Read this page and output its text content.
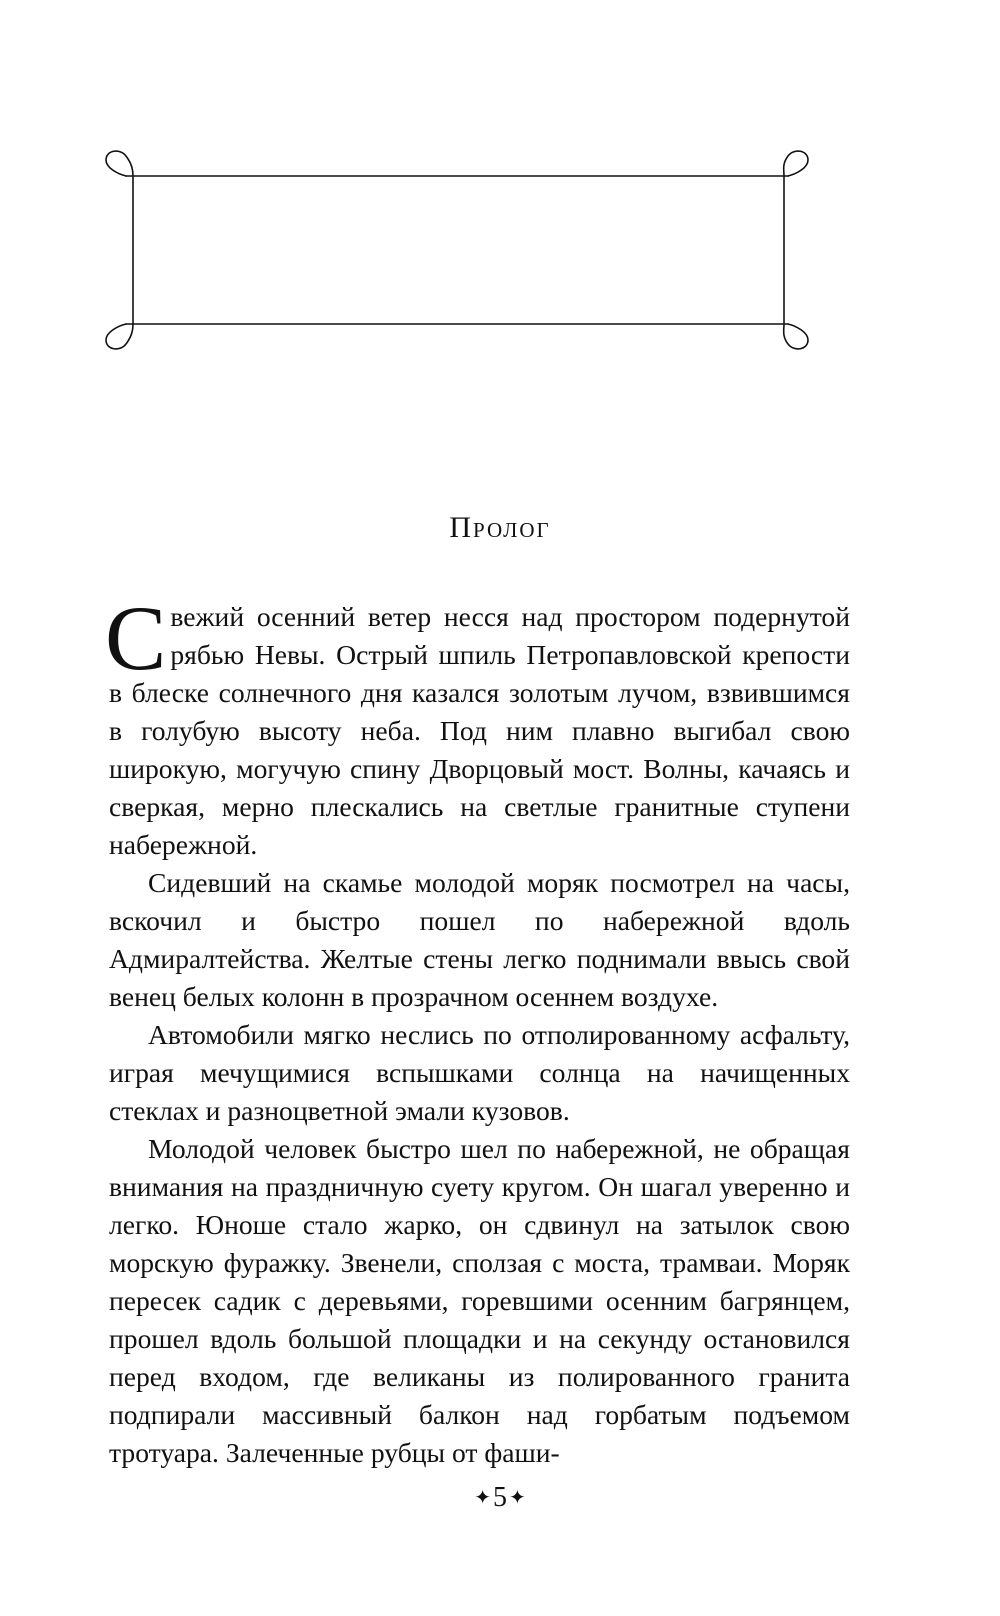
Пролог

Свежий осенний ветер несся над простором подернутой рябью Невы. Острый шпиль Петропавловской крепости в блеске солнечного дня казался золотым лучом, взвившимся в голубую высоту неба. Под ним плавно выгибал свою широкую, могучую спину Дворцовый мост. Волны, качаясь и сверкая, мерно плескались на светлые гранитные ступени набережной.

Сидевший на скамье молодой моряк посмотрел на часы, вскочил и быстро пошел по набережной вдоль Адмиралтейства. Желтые стены легко поднимали ввысь свой венец белых колонн в прозрачном осеннем воздухе.

Автомобили мягко неслись по отполированному асфальту, играя мечущимися вспышками солнца на начищенных стеклах и разноцветной эмали кузовов.

Молодой человек быстро шел по набережной, не обращая внимания на праздничную суету кругом. Он шагал уверенно и легко. Юноше стало жарко, он сдвинул на затылок свою морскую фуражку. Звенели, сползая с моста, трамваи. Моряк пересек садик с деревьями, горевшими осенним багрянцем, прошел вдоль большой площадки и на секунду остановился перед входом, где великаны из полированного гранита подпирали массивный балкон над горбатым подъемом тротуара. Залеченные рубцы от фаши-

✦5 ✦
